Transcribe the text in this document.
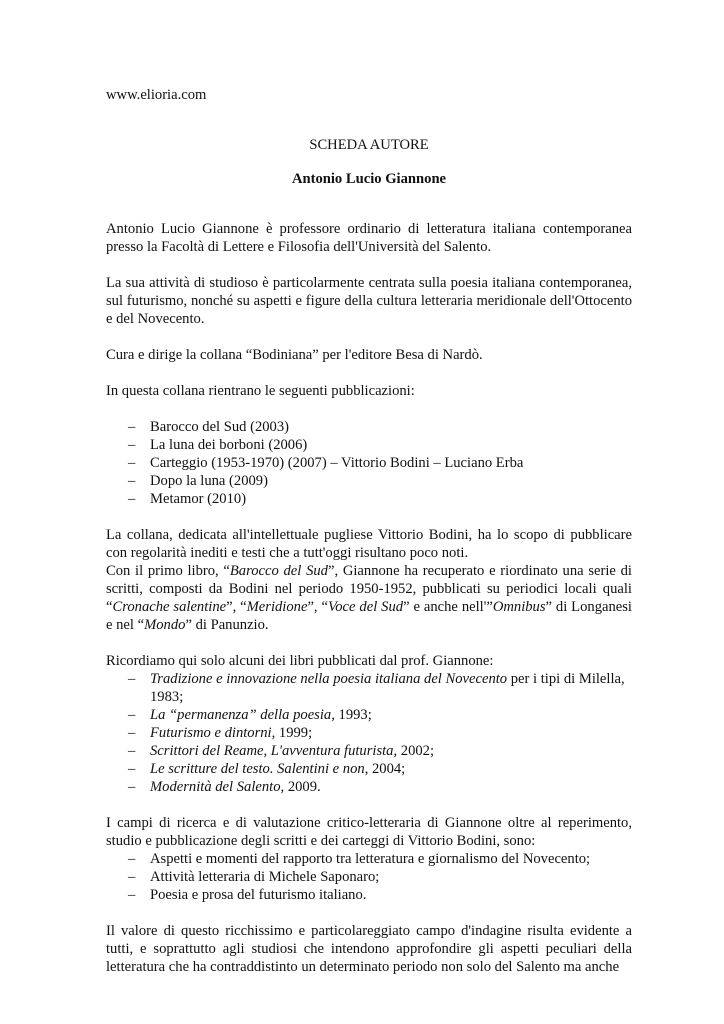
www.elioria.com
SCHEDA AUTORE
Antonio Lucio Giannone

Antonio Lucio Giannone è professore ordinario di letteratura italiana contemporanea presso la Facoltà di Lettere e Filosofia dell'Università del Salento.

La sua attività di studioso è particolarmente centrata sulla poesia italiana contemporanea, sul futurismo, nonché su aspetti e figure della cultura letteraria meridionale dell'Ottocento e del Novecento.

Cura e dirige la collana “Bodiniana” per l'editore Besa di Nardò.

In questa collana rientrano le seguenti pubblicazioni:

– Barocco del Sud (2003)
– La luna dei borboni (2006)
– Carteggio (1953-1970) (2007) – Vittorio Bodini – Luciano Erba
– Dopo la luna (2009)
– Metamor (2010)

La collana, dedicata all'intellettuale pugliese Vittorio Bodini, ha lo scopo di pubblicare con regolarità inediti e testi che a tutt'oggi risultano poco noti.

Con il primo libro, “Barocco del Sud”, Giannone ha recuperato e riordinato una serie di scritti, composti da Bodini nel periodo 1950-1952, pubblicati su periodici locali quali “Cronache salentine”, “Meridione”, “Voce del Sud” e anche nell'”Omnibus” di Longanesi e nel “Mondo” di Panunzio.

Ricordiamo qui solo alcuni dei libri pubblicati dal prof. Giannone:

– Tradizione e innovazione nella poesia italiana del Novecento per i tipi di Milella, 1983;
– La “permanenza” della poesia, 1993;
– Futurismo e dintorni, 1999;
– Scrittori del Reame, L'avventura futurista, 2002;
– Le scritture del testo. Salentini e non, 2004;
– Modernità del Salento, 2009.

I campi di ricerca e di valutazione critico-letteraria di Giannone oltre al reperimento, studio e pubblicazione degli scritti e dei carteggi di Vittorio Bodini, sono:

– Aspetti e momenti del rapporto tra letteratura e giornalismo del Novecento;
– Attività letteraria di Michele Saponaro;
– Poesia e prosa del futurismo italiano.

Il valore di questo ricchissimo e particolareggiato campo d'indagine risulta evidente a tutti, e soprattutto agli studiosi che intendono approfondire gli aspetti peculiari della letteratura che ha contraddistinto un determinato periodo non solo del Salento ma anche
